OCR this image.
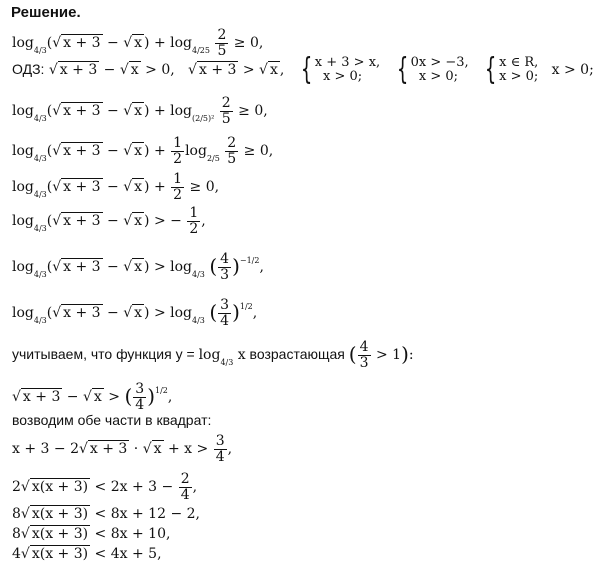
Решение.
$\log_{4/3}(√$ x + 3 − √ x ) + $\log_{4/25} \frac{2}{5} \ge 0$,
ОДЗ: √ x + 3 − √ x > 0,   √ x + 3 > √ x ,   { x + 3 > x,
x > 0; { 0x > −3,
x > 0; { x ∈ R,
x > 0;   x > 0;
$\log_{4/3}(√$ x + 3 − √ x ) + $\log_{(2/5)^2} \frac{2}{5} \ge 0$,
$\log_{4/3}(√$ x + 3 − √ x ) + $\frac{1}{2} \log_{2/5} \frac{2}{5} \ge 0$,
$\log_{4/3}(√$ x + 3 − √ x ) + $\frac{1}{2} \ge 0$,
$\log_{4/3}(√$ x + 3 − √ x ) > − $\frac{1}{2}$ ,
$\log_{4/3}(√$ x + 3 − √ x ) > $\log_{4/3}$ ( $\frac{4}{3} )^{-1/2}$,
$\log_{4/3}(√$ x + 3 − √ x ) > $\log_{4/3}$ ( $\frac{3}{4} )^{1/2}$,
учитываем, что функция $y = \log_{4/3} x$ возрастающая ( $\frac{4}{3} > 1$):
√ x + 3 − √ x > ( $\frac{3}{4} )^{1/2}$,
возводим обе части в квадрат:
x + 3 − 2√ x + 3 · √ $x + x > \frac{3}{4}$ ,
2√ $x(x + 3) < 2x + 3 - \frac{2}{4}$ ,
8√ x(x + 3) < 8x + 12 − 2,
8√ x(x + 3) < 8x + 10,
4√ x(x + 3) < 4x + 5,
